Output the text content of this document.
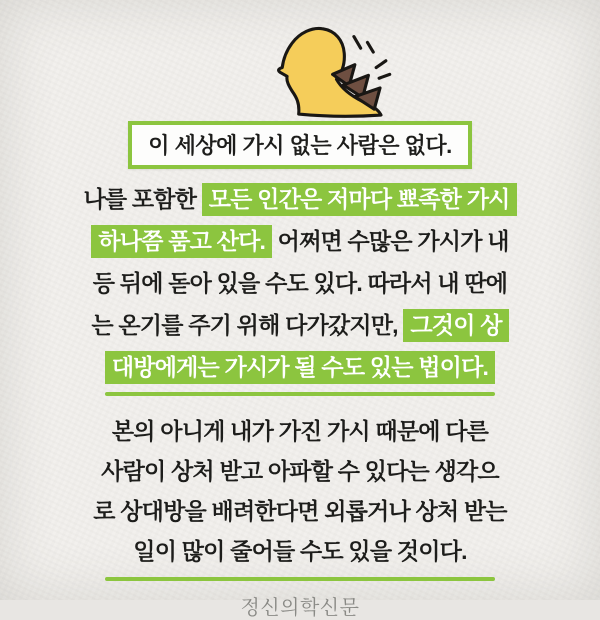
이 세상에 가시 없는 사람은 없다.
나를 포함한 모든 인간은 저마다 뾰족한 가시
하나쯤 품고 산다. 어쩌면 수많은 가시가 내
등 뒤에 돋아 있을 수도 있다. 따라서 내 딴에
는 온기를 주기 위해 다가갔지만, 그것이 상
대방에게는 가시가 될 수도 있는 법이다.
본의 아니게 내가 가진 가시 때문에 다른
사람이 상처 받고 아파할 수 있다는 생각으
로 상대방을 배려한다면 외롭거나 상처 받는
일이 많이 줄어들 수도 있을 것이다.
정신의학신문
